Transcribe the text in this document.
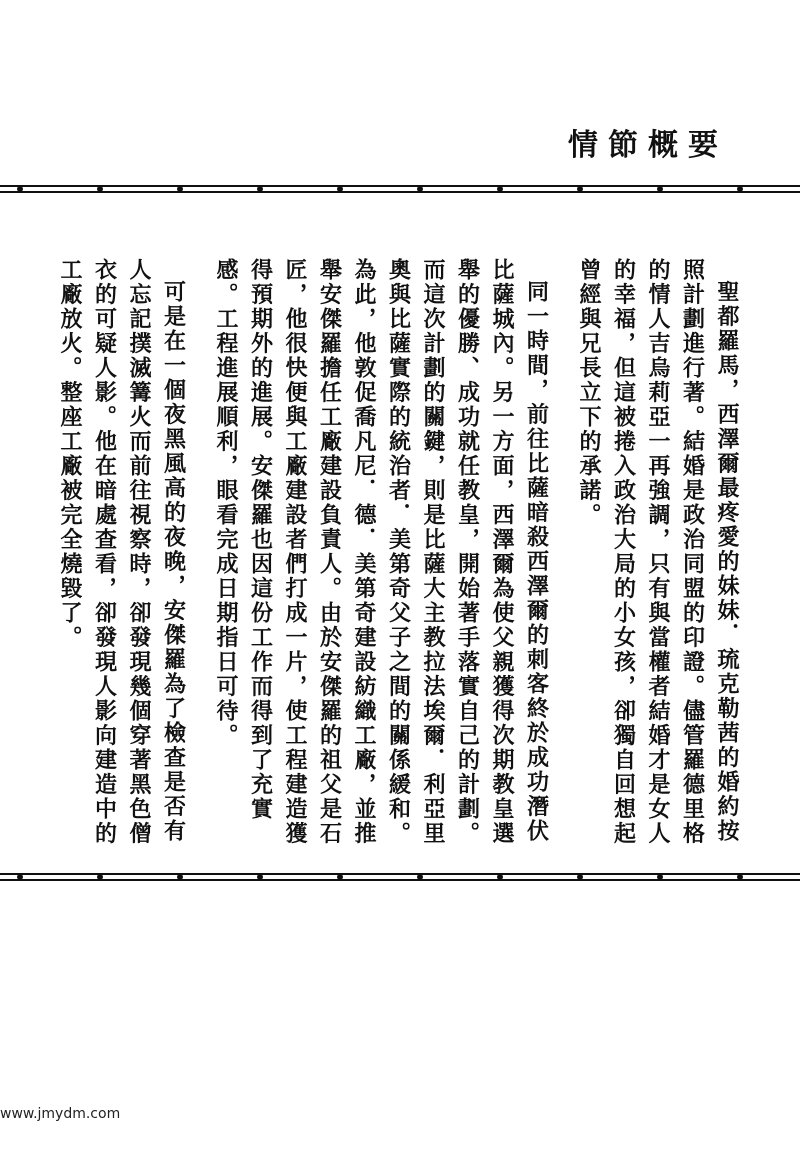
情節概要

聖都羅馬，西澤爾最疼愛的妹妹．琉克勒茜的婚約按照計劃進行著。結婚是政治同盟的印證。儘管羅德里格的情人吉烏莉亞一再強調，只有與當權者結婚才是女人的幸福，但這被捲入政治大局的小女孩，卻獨自回想起曾經與兄長立下的承諾。

同一時間，前往比薩暗殺西澤爾的刺客終於成功潛伏比薩城內。另一方面，西澤爾為使父親獲得次期教皇選舉的優勝、成功就任教皇，開始著手落實自己的計劃。而這次計劃的關鍵，則是比薩大主教拉法埃爾．利亞里奧與比薩實際的統治者．美第奇父子之間的關係緩和。為此，他敦促喬凡尼．德．美第奇建設紡織工廠，並推舉安傑羅擔任工廠建設負責人。由於安傑羅的祖父是石匠，他很快便與工廠建設者們打成一片，使工程建造獲得預期外的進展。安傑羅也因這份工作而得到了充實感。工程進展順利，眼看完成日期指日可待。

可是在一個夜黑風高的夜晚，安傑羅為了檢查是否有人忘記撲滅篝火而前往視察時，卻發現幾個穿著黑色僧衣的可疑人影。他在暗處查看，卻發現人影向建造中的工廠放火。整座工廠被完全燒毀了。

www.jmydm.com
